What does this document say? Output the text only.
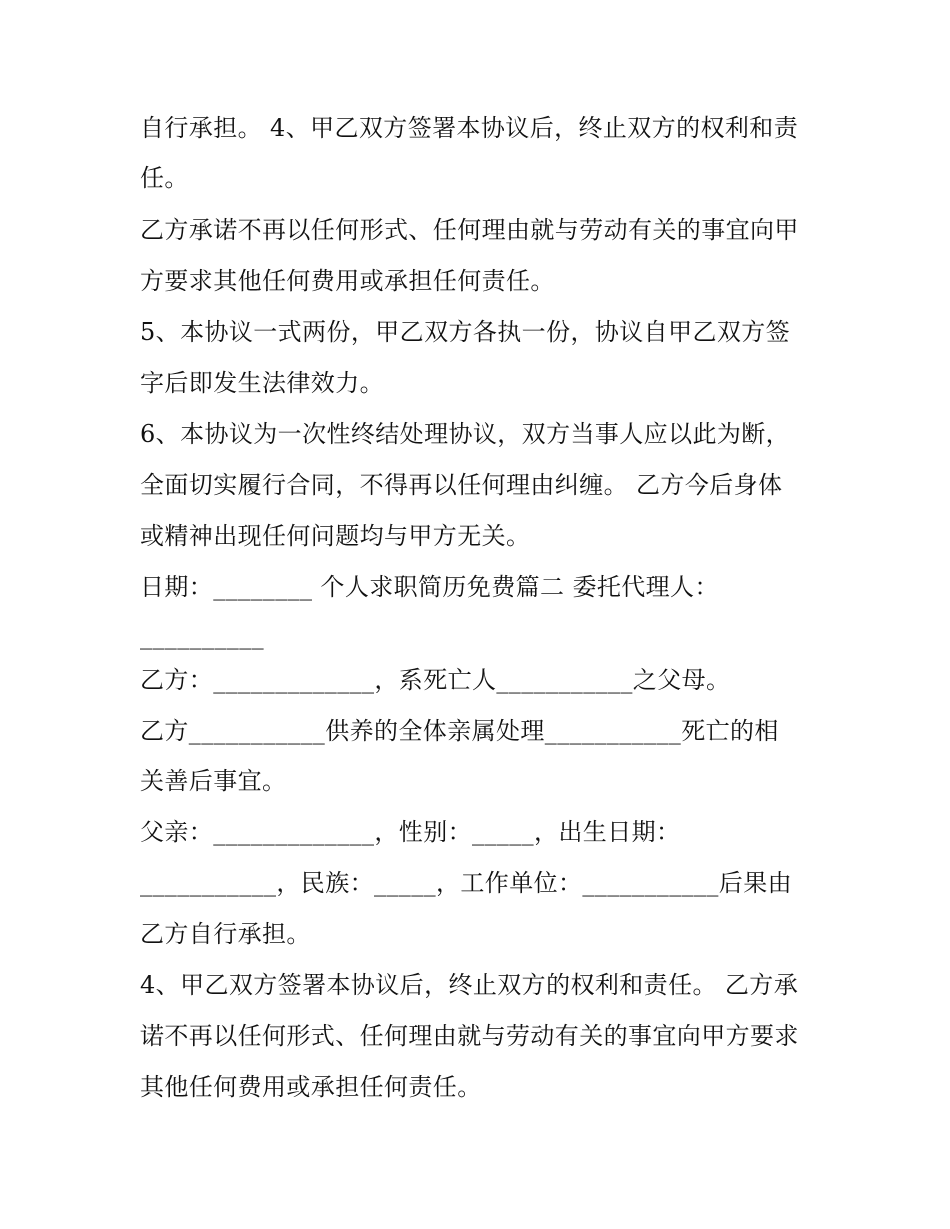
自行承担。 4、甲乙双方签署本协议后，终止双方的权利和责

任。

乙方承诺不再以任何形式、任何理由就与劳动有关的事宜向甲

方要求其他任何费用或承担任何责任。

5、本协议一式两份，甲乙双方各执一份，协议自甲乙双方签

字后即发生法律效力。

6、本协议为一次性终结处理协议，双方当事人应以此为断，

全面切实履行合同，不得再以任何理由纠缠。 乙方今后身体

或精神出现任何问题均与甲方无关。

日期：________ 个人求职简历免费篇二 委托代理人：

__________

乙方：_____________，系死亡人___________之父母。

乙方___________供养的全体亲属处理___________死亡的相

关善后事宜。

父亲：_____________，性别：_____，出生日期：

___________，民族：_____，工作单位：___________后果由

乙方自行承担。

4、甲乙双方签署本协议后，终止双方的权利和责任。 乙方承

诺不再以任何形式、任何理由就与劳动有关的事宜向甲方要求

其他任何费用或承担任何责任。
